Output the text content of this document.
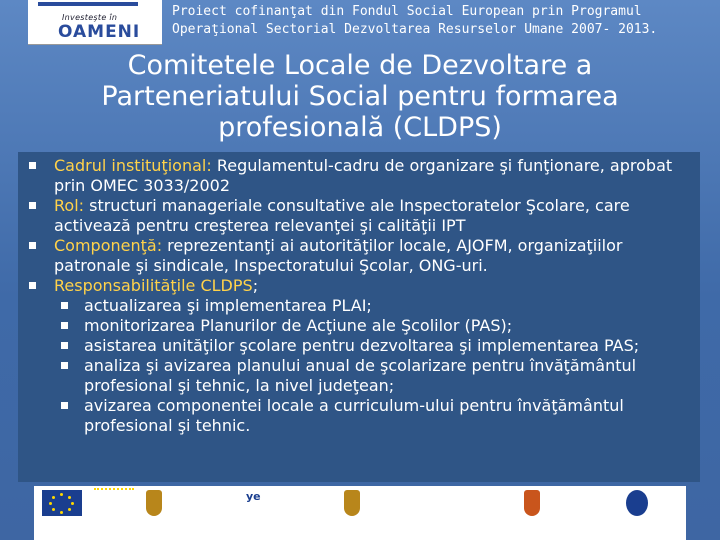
Investeşte în
OAMENI
Proiect cofinanţat din Fondul Social European prin Programul
Operaţional Sectorial Dezvoltarea Resurselor Umane 2007- 2013.
Comitetele Locale de Dezvoltare a
Parteneriatului Social pentru formarea
profesională (CLDPS)
Cadrul instituţional: Regulamentul-cadru de organizare şi funţionare, aprobat prin OMEC 3033/2002
Rol: structuri manageriale consultative ale Inspectoratelor Şcolare, care activează pentru creşterea relevanţei şi calităţii IPT
Componenţă: reprezentanţi ai autorităţilor locale, AJOFM, organizaţiilor patronale şi sindicale, Inspectoratului Şcolar, ONG-uri.
Responsabilităţile CLDPS;
actualizarea şi implementarea PLAI;
monitorizarea Planurilor de Acţiune ale Şcolilor (PAS);
asistarea unităţilor şcolare pentru dezvoltarea şi implementarea PAS;
analiza şi avizarea planului anual de şcolarizare pentru învăţământul profesional şi tehnic, la nivel judeţean;
avizarea componentei locale a curriculum-ului pentru învăţământul profesional şi tehnic.
ye
